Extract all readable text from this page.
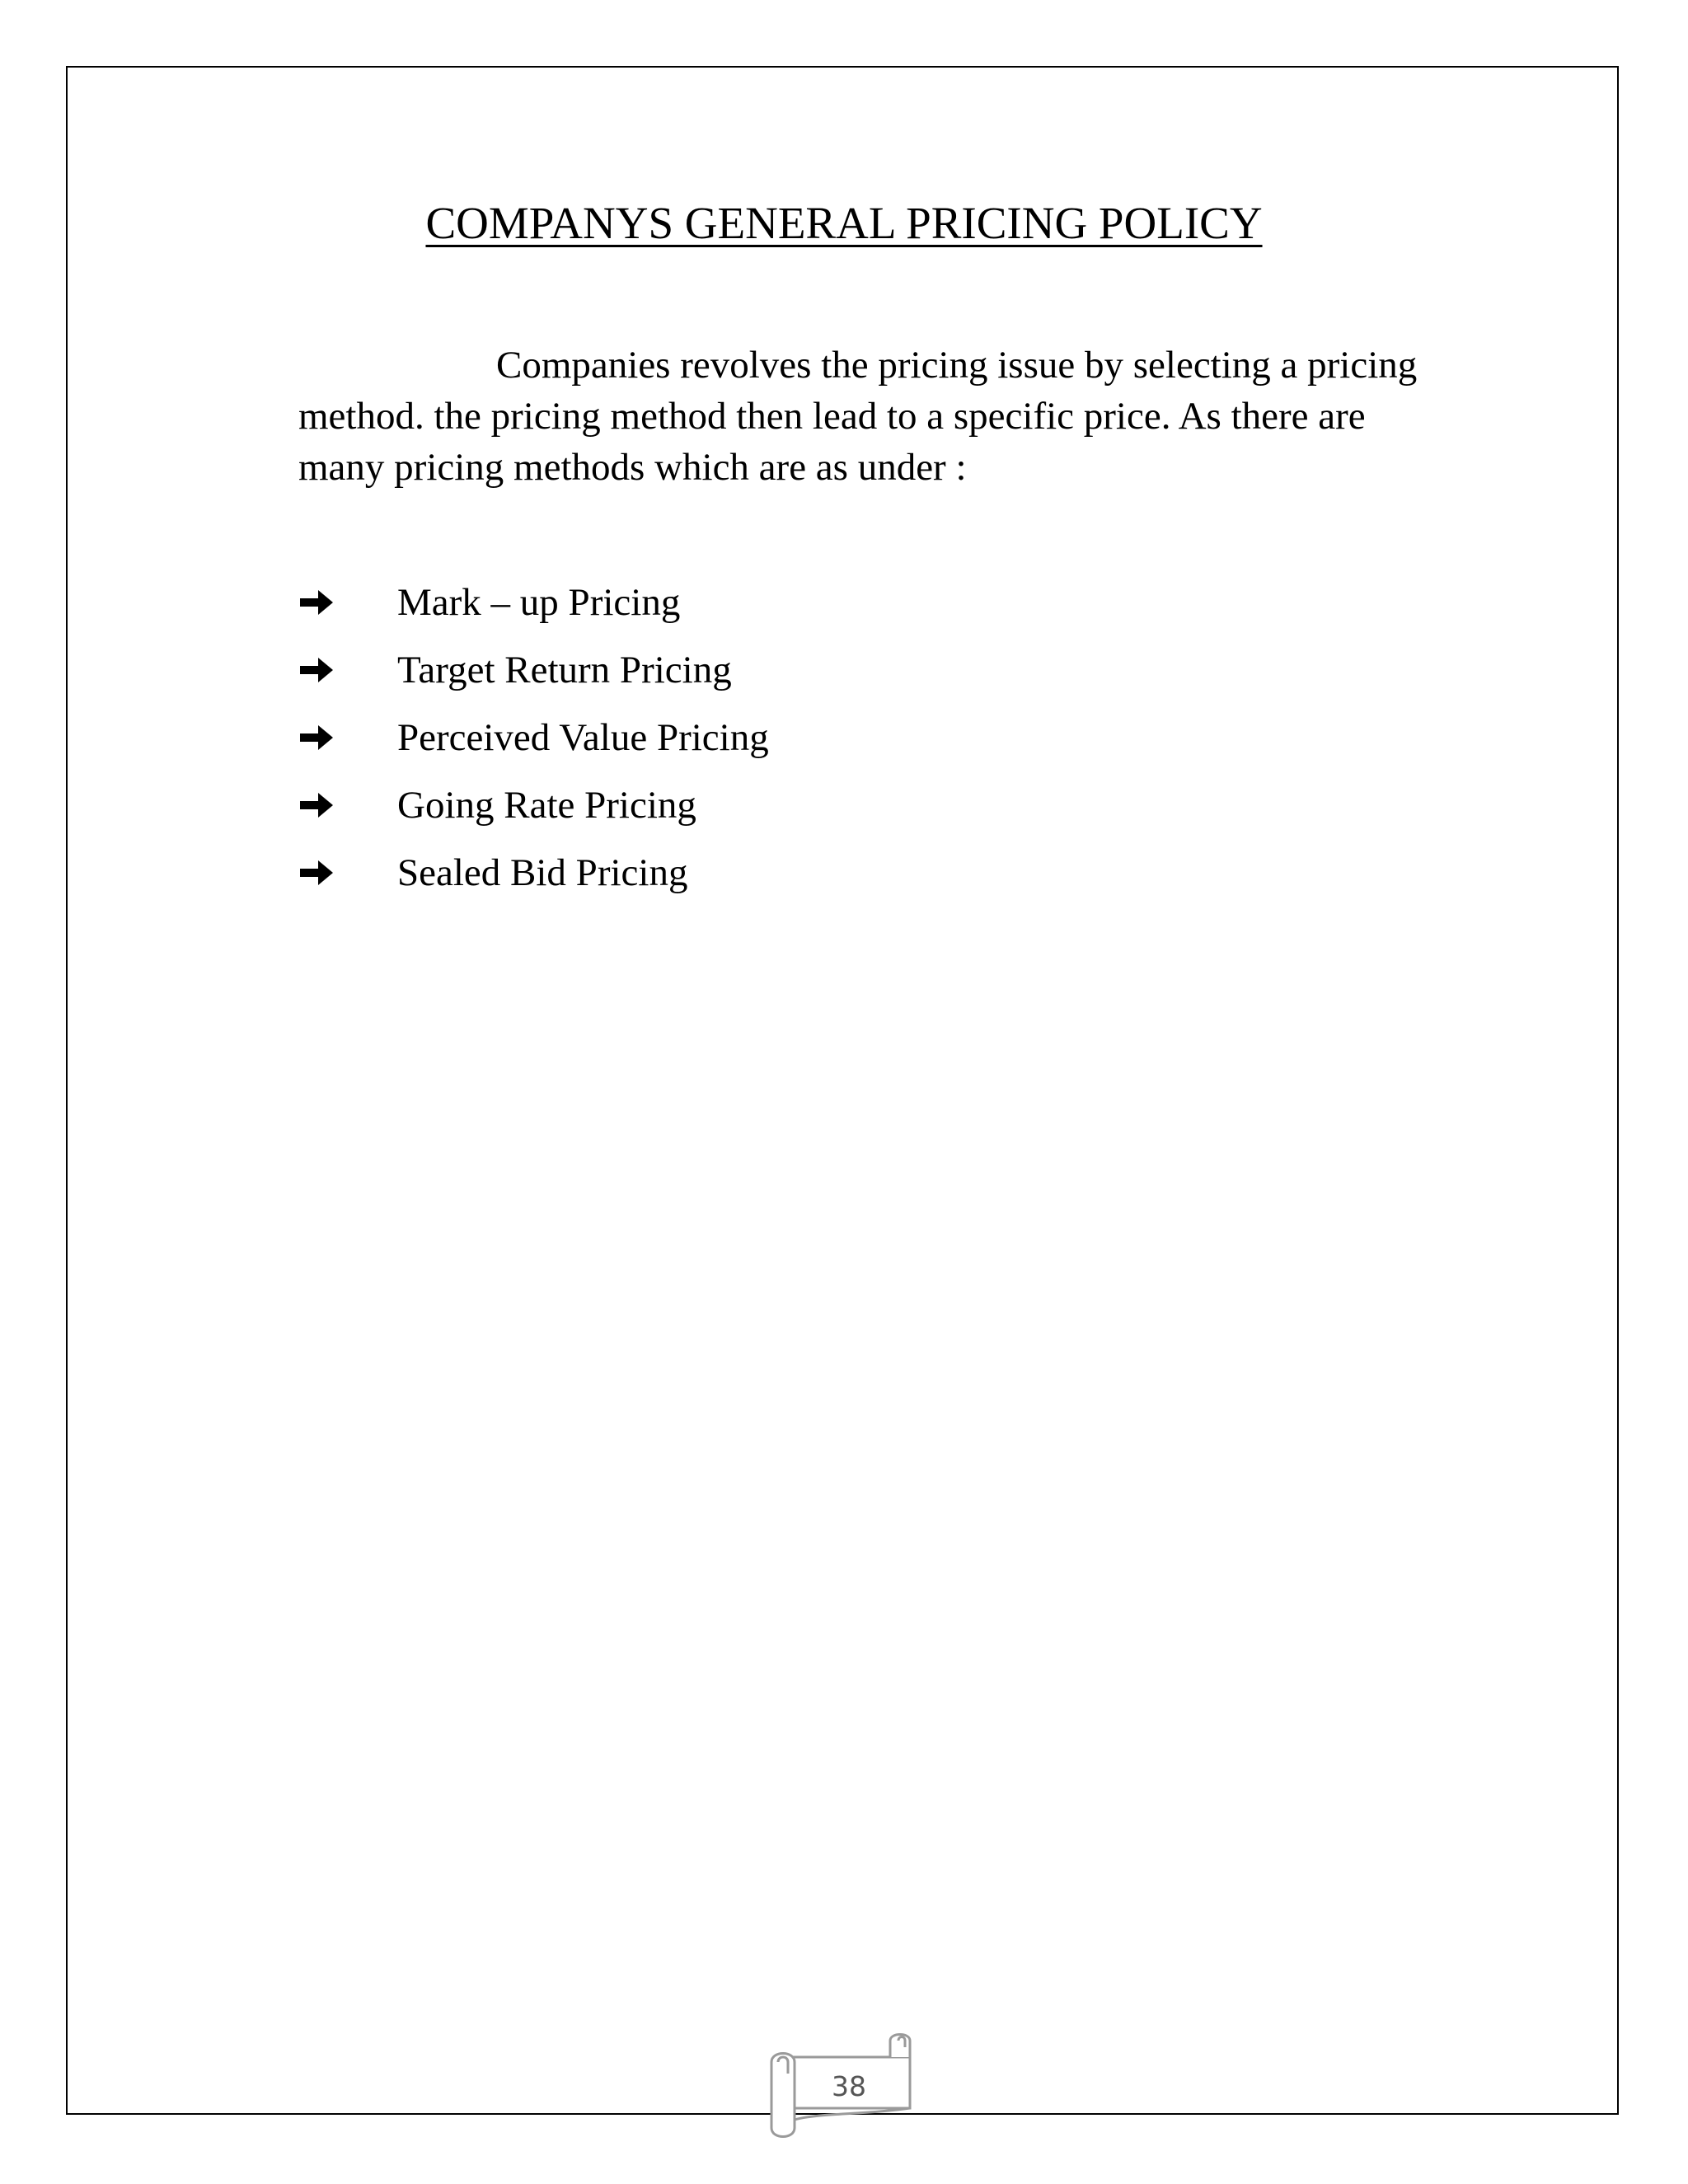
COMPANYS GENERAL PRICING POLICY

Companies revolves the pricing issue by selecting a pricing method. the pricing method then lead to a specific price. As there are many pricing methods which are as under :

Mark – up Pricing
Target Return Pricing
Perceived Value Pricing
Going Rate Pricing
Sealed Bid Pricing
38
